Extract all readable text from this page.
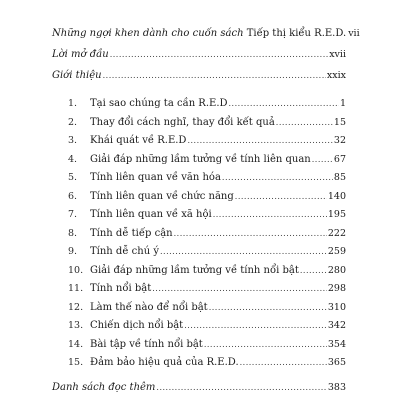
Những ngợi khen dành cho cuốn sách Tiếp thị kiểu R.E.D. vii
Lời mở đầu .....	xvii
Giới thiệu .....	xxix
1.	Tại sao chúng ta cần R.E.D .....	1
2.	Thay đổi cách nghĩ, thay đổi kết quả .....	15
3.	Khái quát về R.E.D .....	32
4.	Giải đáp những lầm tưởng về tính liên quan ..... 67
5.	Tính liên quan về văn hóa .....	85
6.	Tính liên quan về chức năng .....	140
7.	Tính liên quan về xã hội .....	195
8.	Tính dễ tiếp cận .....	222
9.	Tính dễ chú ý .....	259
10. Giải đáp những lầm tưởng về tính nổi bật .....	280
11. Tính nổi bật .....	298
12. Làm thế nào để nổi bật .....	310
13. Chiến dịch nổi bật .....	342
14. Bài tập về tính nổi bật .....	354
15. Đảm bảo hiệu quả của R.E.D. .....	365
Danh sách đọc thêm .....	383
